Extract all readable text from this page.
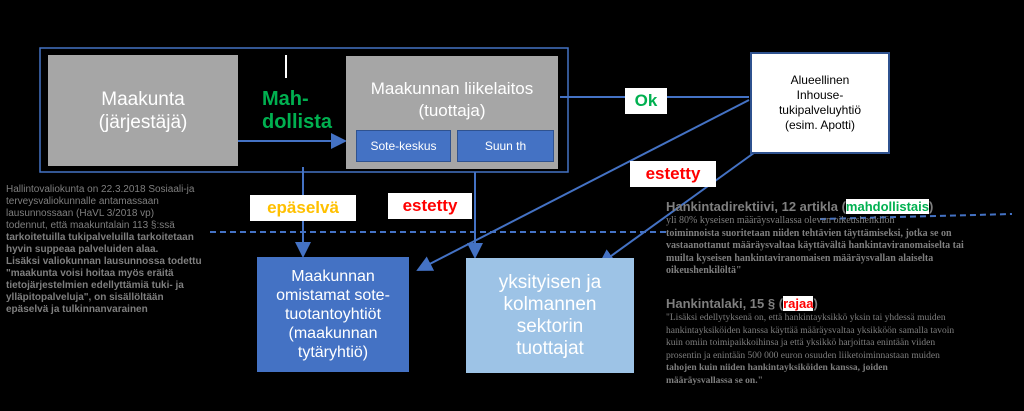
Maakunta
(järjestäjä)
Maakunnan liikelaitos
(tuottaja)
Sote-keskus	Suun th
Mah-
dollista
Ok
Alueellinen
Inhouse-
tukipalveluyhtiö
(esim. Apotti)
estetty
epäselvä	estetty
Maakunnan
omistamat sote-
tuotantoyhtiöt
(maakunnan
tytäryhtiö)
yksityisen ja
kolmannen
sektorin
tuottajat
Hallintovaliokunta on 22.3.2018 Sosiaali-ja
terveysvaliokunnalle antamassaan
lausunnossaan (HaVL 3/2018 vp)
todennut, että maakuntalain 113 §:ssä
tarkoitetuilla tukipalveluilla tarkoitetaan
hyvin suppeaa palveluiden alaa.
Lisäksi valiokunnan lausunnossa todettu
"maakunta voisi hoitaa myös eräitä
tietojärjestelmien edellyttämiä tuki- ja
ylläpitopalveluja", on sisällöltään
epäselvä ja tulkinnanvarainen
Hankintadirektiivi, 12 artikla (mahdollistais)
yli 80% kyseisen määräysvallassa olevan oikeushenkilön
toiminnoista suoritetaan niiden tehtävien täyttämiseksi, jotka se on
vastaanottanut määräysvaltaa käyttävältä hankintaviranomaiselta tai
muilta kyseisen hankintaviranomaisen määräysvallan alaiselta
oikeushenkilöltä"
Hankintalaki, 15 § (rajaa)
"Lisäksi edellytyksenä on, että hankintayksikkö yksin tai yhdessä muiden
hankintayksiköiden kanssa käyttää määräysvaltaa yksikköön samalla tavoin
kuin omiin toimipaikkoihinsa ja että yksikkö harjoittaa enintään viiden
prosentin ja enintään 500 000 euron osuuden liiketoiminnastaan muiden
tahojen kuin niiden hankintayksiköiden kanssa, joiden
määräysvallassa se on."
